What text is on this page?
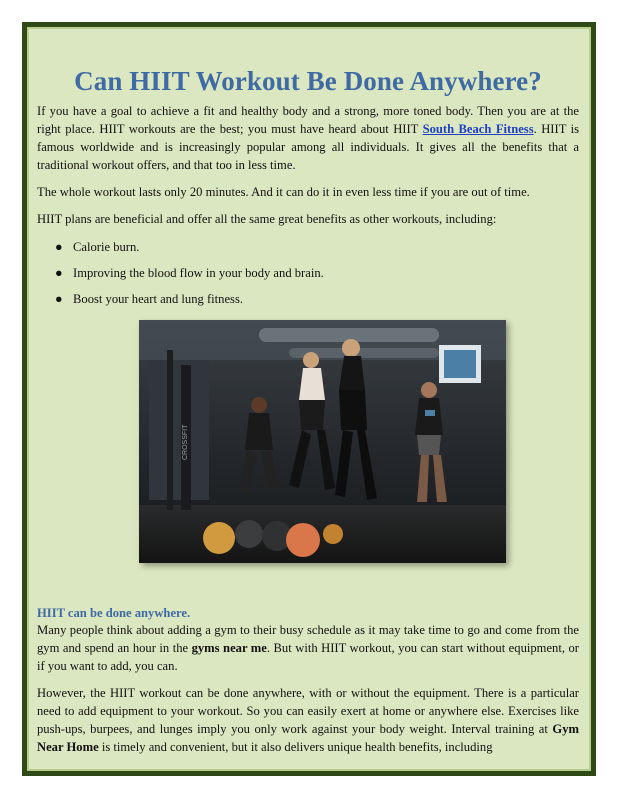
Can HIIT Workout Be Done Anywhere?

If you have a goal to achieve a fit and healthy body and a strong, more toned body. Then you are at the right place. HIIT workouts are the best; you must have heard about HIIT South Beach Fitness. HIIT is famous worldwide and is increasingly popular among all individuals. It gives all the benefits that a traditional workout offers, and that too in less time.

The whole workout lasts only 20 minutes. And it can do it in even less time if you are out of time.

HIIT plans are beneficial and offer all the same great benefits as other workouts, including:

● Calorie burn.
● Improving the blood flow in your body and brain.
● Boost your heart and lung fitness.
CROSSFIT
HIIT can be done anywhere.

Many people think about adding a gym to their busy schedule as it may take time to go and come from the gym and spend an hour in the gyms near me. But with HIIT workout, you can start without equipment, or if you want to add, you can.

However, the HIIT workout can be done anywhere, with or without the equipment. There is a particular need to add equipment to your workout. So you can easily exert at home or anywhere else. Exercises like push-ups, burpees, and lunges imply you only work against your body weight. Interval training at Gym Near Home is timely and convenient, but it also delivers unique health benefits, including
